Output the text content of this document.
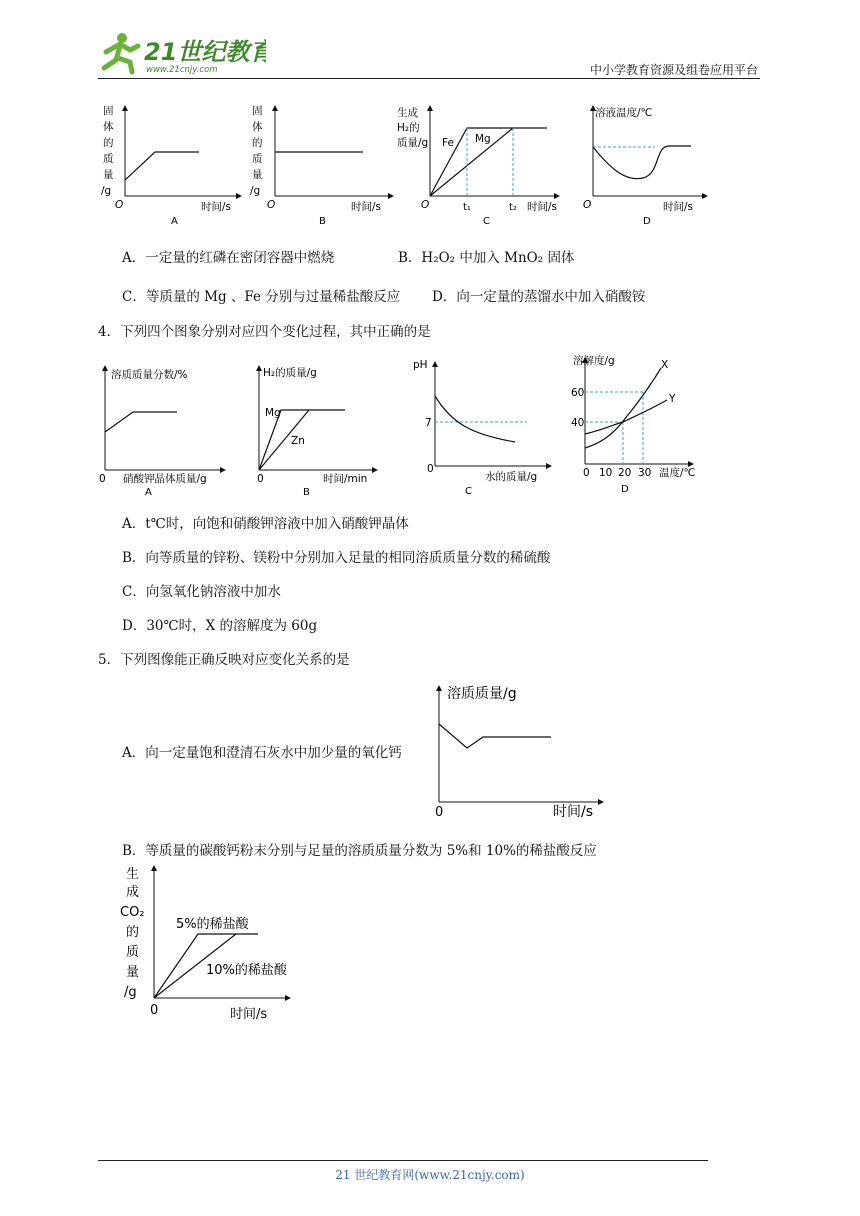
21世纪教育
www.21cnjy.com	中小学教育资源及组卷应用平台
固
体
的
质
量
/g
O	时间/s
A
固
体
的
质
量
/g
O	时间/s
B
生成
H₂的
质量/g Fe Mg
O	t₁	t₂ 时间/s
C
溶液温度/℃
O	时间/s
D
A．一定量的红磷在密闭容器中燃烧	B．H₂O₂ 中加入 MnO₂ 固体
C．等质量的 Mg 、Fe 分别与过量稀盐酸反应 D．向一定量的蒸馏水中加入硝酸铵
4．下列四个图象分别对应四个变化过程，其中正确的是
溶质质量分数/%
0 硝酸钾晶体质量/g
A
H₂的质量/g
Mg
Zn
0	时间/min
B
pH
7
0
水的质量/g
C
溶解度/g	X
Y
60
40
0 10 20 30 温度/℃
D
A．t℃时，向饱和硝酸钾溶液中加入硝酸钾晶体
B．向等质量的锌粉、镁粉中分别加入足量的相同溶质质量分数的稀硫酸
C．向氢氧化钠溶液中加水
D．30℃时，X 的溶解度为 60g
5．下列图像能正确反映对应变化关系的是
A．向一定量饱和澄清石灰水中加少量的氧化钙
溶质质量/g
0	时间/s
B．等质量的碳酸钙粉末分别与足量的溶质质量分数为 5%和 10%的稀盐酸反应
生
成
CO₂
的
质
量
/g
5%的稀盐酸
10%的稀盐酸
0	时间/s
21 世纪教育网(www.21cnjy.com)
